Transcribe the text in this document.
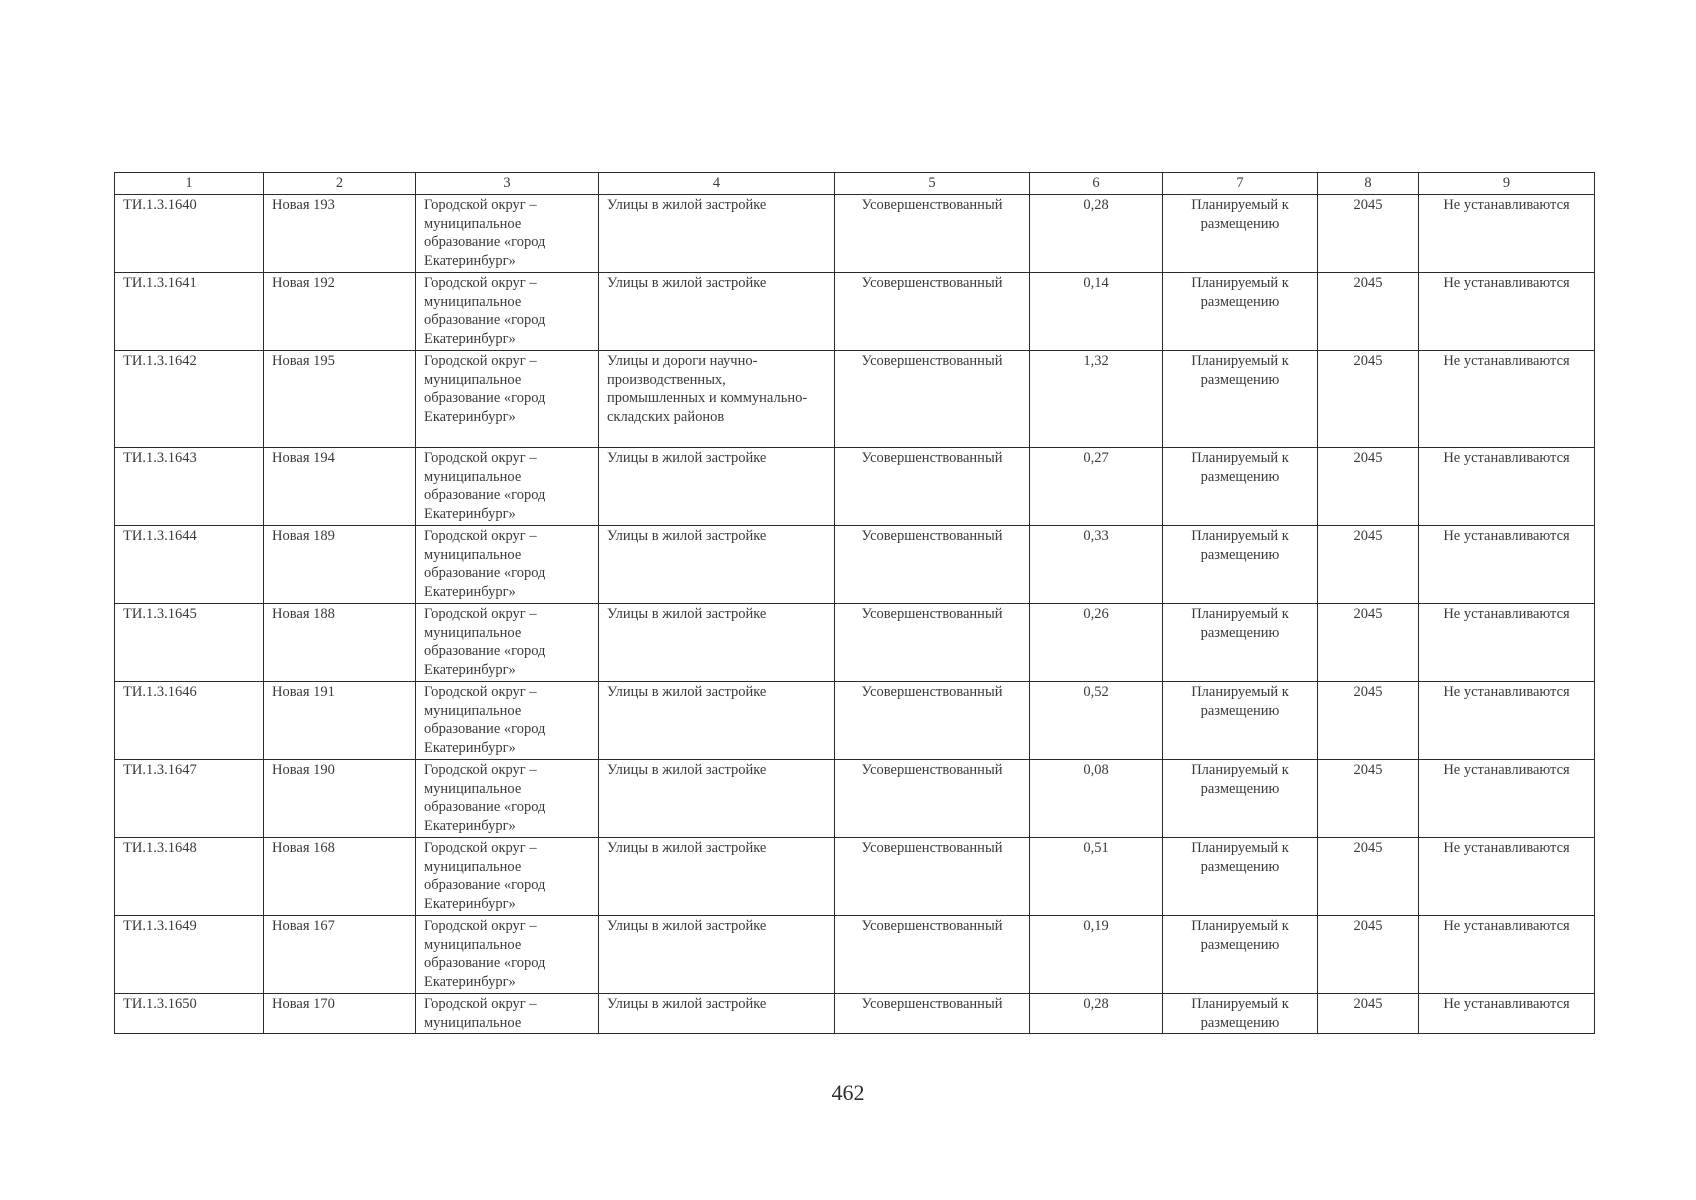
1	2	3	4	5	6	7	8	9
ТИ.1.3.1640	Новая 193	Городской округ – муниципальное образование «город Екатеринбург»	Улицы в жилой застройке	Усовершенствованный	0,28	Планируемый к размещению	2045	Не устанавливаются
ТИ.1.3.1641	Новая 192	Городской округ – муниципальное образование «город Екатеринбург»	Улицы в жилой застройке	Усовершенствованный	0,14	Планируемый к размещению	2045	Не устанавливаются
ТИ.1.3.1642	Новая 195	Городской округ – муниципальное образование «город Екатеринбург»	Улицы и дороги научно-производственных, промышленных и коммунально-складских районов	Усовершенствованный	1,32	Планируемый к размещению	2045	Не устанавливаются
ТИ.1.3.1643	Новая 194	Городской округ – муниципальное образование «город Екатеринбург»	Улицы в жилой застройке	Усовершенствованный	0,27	Планируемый к размещению	2045	Не устанавливаются
ТИ.1.3.1644	Новая 189	Городской округ – муниципальное образование «город Екатеринбург»	Улицы в жилой застройке	Усовершенствованный	0,33	Планируемый к размещению	2045	Не устанавливаются
ТИ.1.3.1645	Новая 188	Городской округ – муниципальное образование «город Екатеринбург»	Улицы в жилой застройке	Усовершенствованный	0,26	Планируемый к размещению	2045	Не устанавливаются
ТИ.1.3.1646	Новая 191	Городской округ – муниципальное образование «город Екатеринбург»	Улицы в жилой застройке	Усовершенствованный	0,52	Планируемый к размещению	2045	Не устанавливаются
ТИ.1.3.1647	Новая 190	Городской округ – муниципальное образование «город Екатеринбург»	Улицы в жилой застройке	Усовершенствованный	0,08	Планируемый к размещению	2045	Не устанавливаются
ТИ.1.3.1648	Новая 168	Городской округ – муниципальное образование «город Екатеринбург»	Улицы в жилой застройке	Усовершенствованный	0,51	Планируемый к размещению	2045	Не устанавливаются
ТИ.1.3.1649	Новая 167	Городской округ – муниципальное образование «город Екатеринбург»	Улицы в жилой застройке	Усовершенствованный	0,19	Планируемый к размещению	2045	Не устанавливаются

ТИ.1.3.1650	Новая 170	Городской округ – муниципальное	Улицы в жилой застройке	Усовершенствованный	0,28	Планируемый к размещению	2045	Не устанавливаются
462
